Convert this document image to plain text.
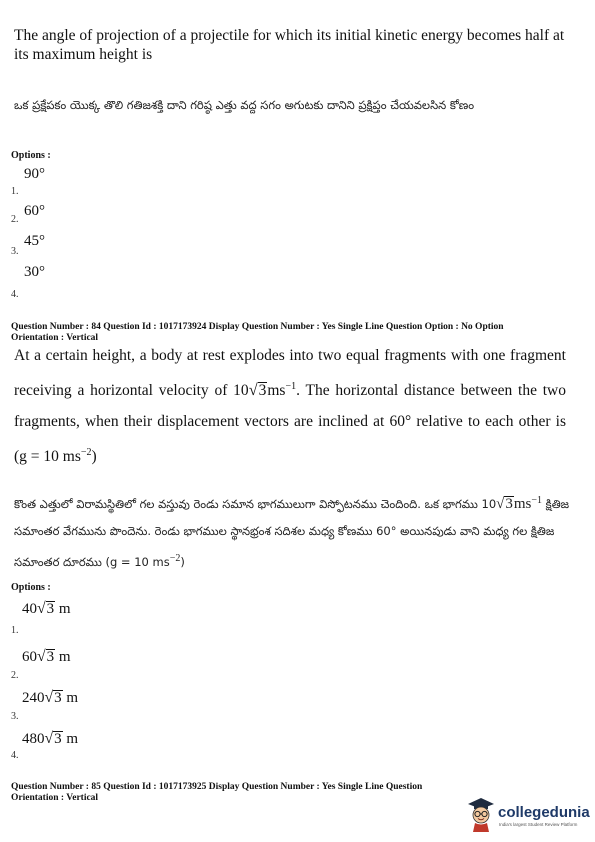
The angle of projection of a projectile for which its initial kinetic energy becomes half at its maximum height is
ఒక ప్రక్షేపకం యొక్క తొలి గతిజశక్తి దాని గరిష్ఠ ఎత్తు వద్ద సగం అగుటకు దానిని ప్రక్షిప్తం చేయవలసిన కోణం
Options :
90°
1.
2.
60°
45°
3.
30°
4.
Question Number : 84 Question Id : 1017173924 Display Question Number : Yes Single Line Question Option : No Option
Orientation : Vertical
At a certain height, a body at rest explodes into two equal fragments with one fragment receiving a horizontal velocity of $10√3ms^{-1}$. The horizontal distance between the two fragments, when their displacement vectors are inclined at 60° relative to each other is (g = 10 $ms^{-2}$)
కొంత ఎత్తులో విరామస్థితిలో గల వస్తువు రెండు సమాన భాగములుగా విస్ఫోటనము చెందింది. ఒక భాగము $10√3ms^{-1}$ క్షితిజ సమాంతర వేగమును పొందెను. రెండు భాగముల స్థానభ్రంశ సదిశల మధ్య కోణము 60° అయినపుడు వాని మధ్య గల క్షితిజ సమాంతర దూరము (g = 10 $ms^{-2}$)
Options :
40√3 m
1.
60√3 m
2.
240√3 m
3.
480√3 m
4.
Question Number : 85 Question Id : 1017173925 Display Question Number : Yes Single Line Question
Orientation : Vertical
collegedunia
India's largest Student Review Platform
